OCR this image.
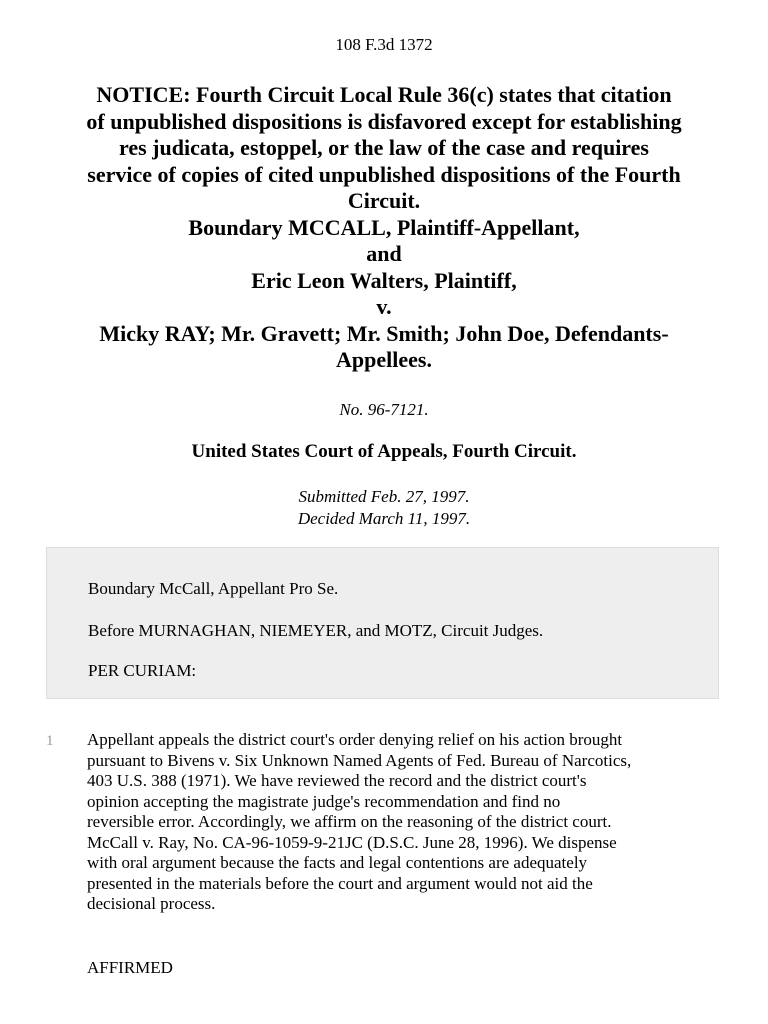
108 F.3d 1372
NOTICE: Fourth Circuit Local Rule 36(c) states that citation
of unpublished dispositions is disfavored except for establishing
res judicata, estoppel, or the law of the case and requires
service of copies of cited unpublished dispositions of the Fourth
Circuit.
Boundary MCCALL, Plaintiff-Appellant,
and
Eric Leon Walters, Plaintiff,
v.
Micky RAY; Mr. Gravett; Mr. Smith; John Doe, Defendants-
Appellees.
No. 96-7121.
United States Court of Appeals, Fourth Circuit.
Submitted Feb. 27, 1997.
Decided March 11, 1997.
Boundary McCall, Appellant Pro Se.
Before MURNAGHAN, NIEMEYER, and MOTZ, Circuit Judges.
PER CURIAM:
1 Appellant appeals the district court's order denying relief on his action brought
pursuant to Bivens v. Six Unknown Named Agents of Fed. Bureau of Narcotics,
403 U.S. 388 (1971). We have reviewed the record and the district court's
opinion accepting the magistrate judge's recommendation and find no
reversible error. Accordingly, we affirm on the reasoning of the district court.
McCall v. Ray, No. CA-96-1059-9-21JC (D.S.C. June 28, 1996). We dispense
with oral argument because the facts and legal contentions are adequately
presented in the materials before the court and argument would not aid the
decisional process.
AFFIRMED
